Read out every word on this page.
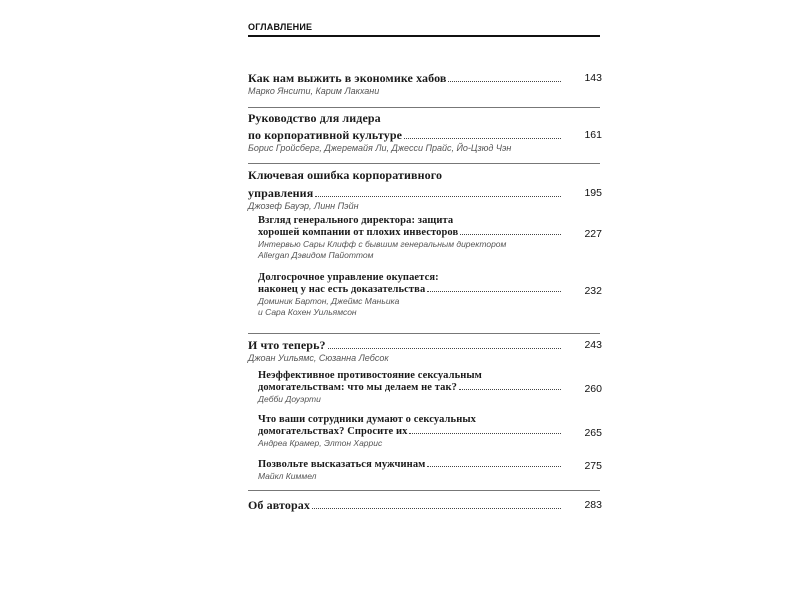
ОГЛАВЛЕНИЕ
Как нам выжить в экономике хабов	143
Марко Янсити, Карим Лакхани
Руководство для лидера
по корпоративной культуре	161
Борис Гройсберг, Джеремайя Ли, Джесси Прайс, Йо-Цзюд Чэн
Ключевая ошибка корпоративного
управления	195
Джозеф Бауэр, Линн Пэйн
Взгляд генерального директора: защита
хорошей компании от плохих инвесторов	227
Интервью Сары Клифф с бывшим генеральным директором
Allergan Дэвидом Пайоттом
Долгосрочное управление окупается:
наконец у нас есть доказательства	232
Доминик Бартон, Джеймс Маньика
и Сара Кохен Уильямсон
И что теперь?	243
Джоан Уильямс, Сюзанна Лебсок
Неэффективное противостояние сексуальным
домогательствам: что мы делаем не так?	260
Дебби Доуэрти
Что ваши сотрудники думают о сексуальных
домогательствах? Спросите их	265
Андреа Крамер, Элтон Харрис
Позвольте высказаться мужчинам	275
Майкл Киммел
Об авторах	283
